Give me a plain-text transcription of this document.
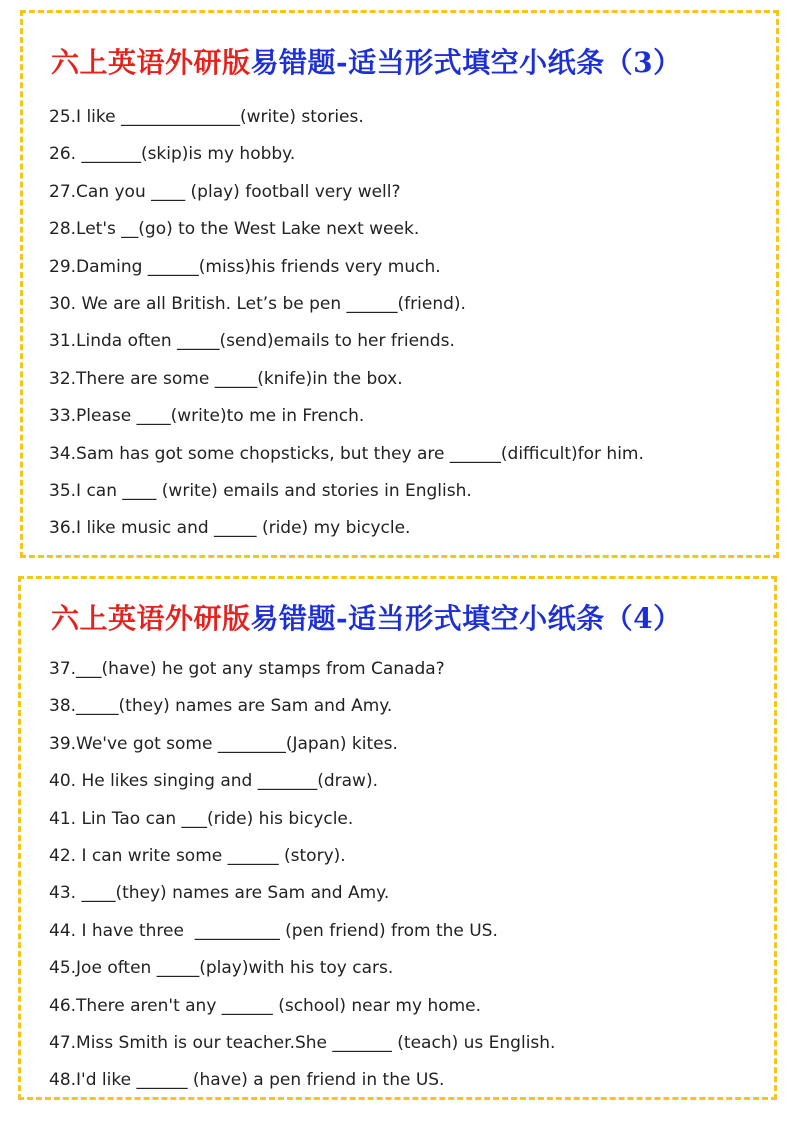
六上英语外研版易错题-适当形式填空小纸条（3）
25.I like ______________(write) stories.
26. _______(skip)is my hobby.
27.Can you ____ (play) football very well?
28.Let's __(go) to the West Lake next week.
29.Daming ______(miss)his friends very much.
30. We are all British. Let’s be pen ______(friend).
31.Linda often _____(send)emails to her friends.
32.There are some _____(knife)in the box.
33.Please ____(write)to me in French.
34.Sam has got some chopsticks, but they are ______(difficult)for him.
35.I can ____ (write) emails and stories in English.
36.I like music and _____ (ride) my bicycle.
六上英语外研版易错题-适当形式填空小纸条（4）
37.___(have) he got any stamps from Canada?
38._____(they) names are Sam and Amy.
39.We've got some ________(Japan) kites.
40. He likes singing and _______(draw).
41. Lin Tao can ___(ride) his bicycle.
42. I can write some ______ (story).
43. ____(they) names are Sam and Amy.
44. I have three  __________ (pen friend) from the US.
45.Joe often _____(play)with his toy cars.
46.There aren't any ______ (school) near my home.
47.Miss Smith is our teacher.She _______ (teach) us English.
48.I'd like ______ (have) a pen friend in the US.
